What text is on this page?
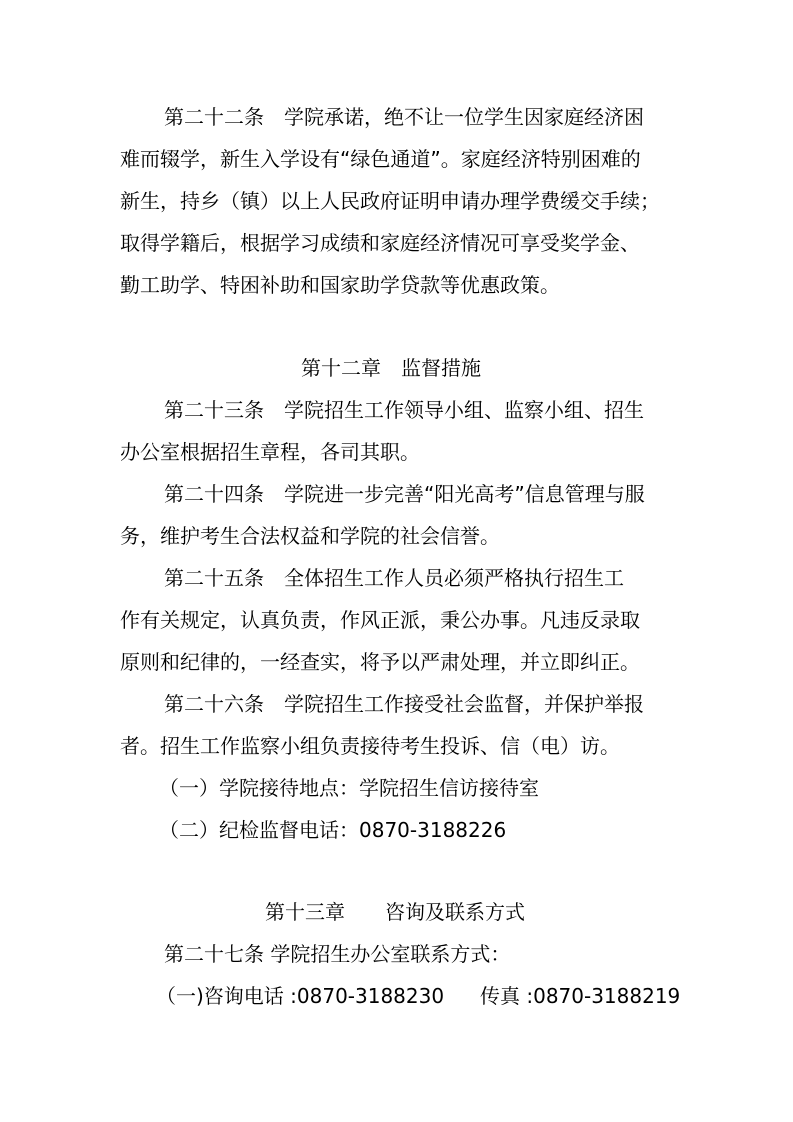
第二十二条　学院承诺，绝不让一位学生因家庭经济困
难而辍学，新生入学设有“绿色通道”。家庭经济特别困难的
新生，持乡（镇）以上人民政府证明申请办理学费缓交手续；
取得学籍后，根据学习成绩和家庭经济情况可享受奖学金、
勤工助学、特困补助和国家助学贷款等优惠政策。
第十二章　监督措施
第二十三条　学院招生工作领导小组、监察小组、招生
办公室根据招生章程，各司其职。
第二十四条　学院进一步完善“阳光高考”信息管理与服
务，维护考生合法权益和学院的社会信誉。
第二十五条　全体招生工作人员必须严格执行招生工
作有关规定，认真负责，作风正派，秉公办事。凡违反录取
原则和纪律的，一经查实，将予以严肃处理，并立即纠正。
第二十六条　学院招生工作接受社会监督，并保护举报
者。招生工作监察小组负责接待考生投诉、信（电）访。
（一）学院接待地点：学院招生信访接待室
（二）纪检监督电话：0870-3188226
第十三章　　咨询及联系方式
第二十七条 学院招生办公室联系方式：
（一)咨询电话 :0870-3188230 传真 :0870-3188219
